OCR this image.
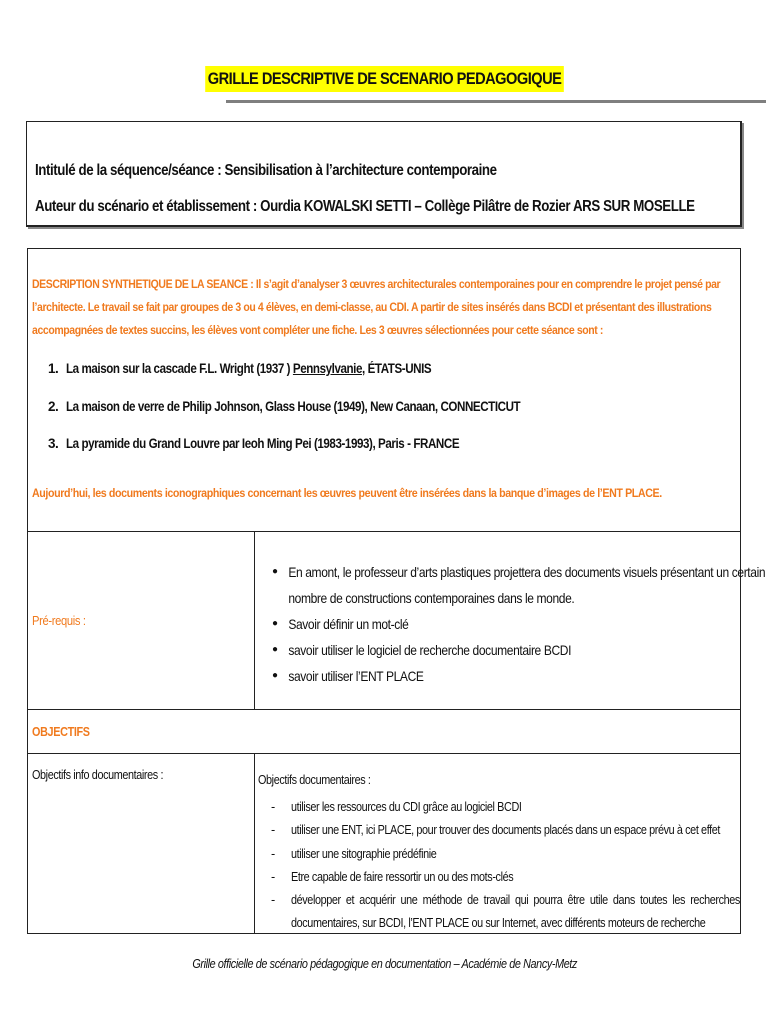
GRILLE DESCRIPTIVE DE SCENARIO PEDAGOGIQUE
Intitulé de la séquence/séance : Sensibilisation à l’architecture contemporaine
Auteur du scénario et établissement : Ourdia KOWALSKI SETTI – Collège Pilâtre de Rozier ARS SUR MOSELLE
DESCRIPTION SYNTHETIQUE DE LA SEANCE : Il s’agit d’analyser 3 œuvres architecturales contemporaines pour en comprendre le projet pensé par l’architecte. Le travail se fait par groupes de 3 ou 4 élèves, en demi-classe, au CDI. A partir de sites insérés dans BCDI et présentant des illustrations accompagnées de textes succins, les élèves vont compléter une fiche. Les 3 œuvres sélectionnées pour cette séance sont :
1. La maison sur la cascade F.L. Wright (1937 ) Pennsylvanie, ÉTATS-UNIS
2. La maison de verre de Philip Johnson, Glass House (1949), New Canaan, CONNECTICUT
3. La pyramide du Grand Louvre par Ieoh Ming Pei (1983-1993), Paris - FRANCE
Aujourd’hui, les documents iconographiques concernant les œuvres peuvent être insérées dans la banque d’images de l’ENT PLACE.
Pré-requis :
● En amont, le professeur d’arts plastiques projettera des documents visuels présentant un certain
nombre de constructions contemporaines dans le monde.
● Savoir définir un mot-clé
● savoir utiliser le logiciel de recherche documentaire BCDI
● savoir utiliser l’ENT PLACE
OBJECTIFS
Objectifs info documentaires :	Objectifs documentaires :
- utiliser les ressources du CDI grâce au logiciel BCDI
- utiliser une ENT, ici PLACE, pour trouver des documents placés dans un espace prévu à cet effet
- utiliser une sitographie prédéfinie
- Etre capable de faire ressortir un ou des mots-clés
- développer et acquérir une méthode de travail qui pourra être utile dans toutes les recherches documentaires, sur BCDI, l’ENT PLACE ou sur Internet, avec différents moteurs de recherche
Grille officielle de scénario pédagogique en documentation – Académie de Nancy-Metz
